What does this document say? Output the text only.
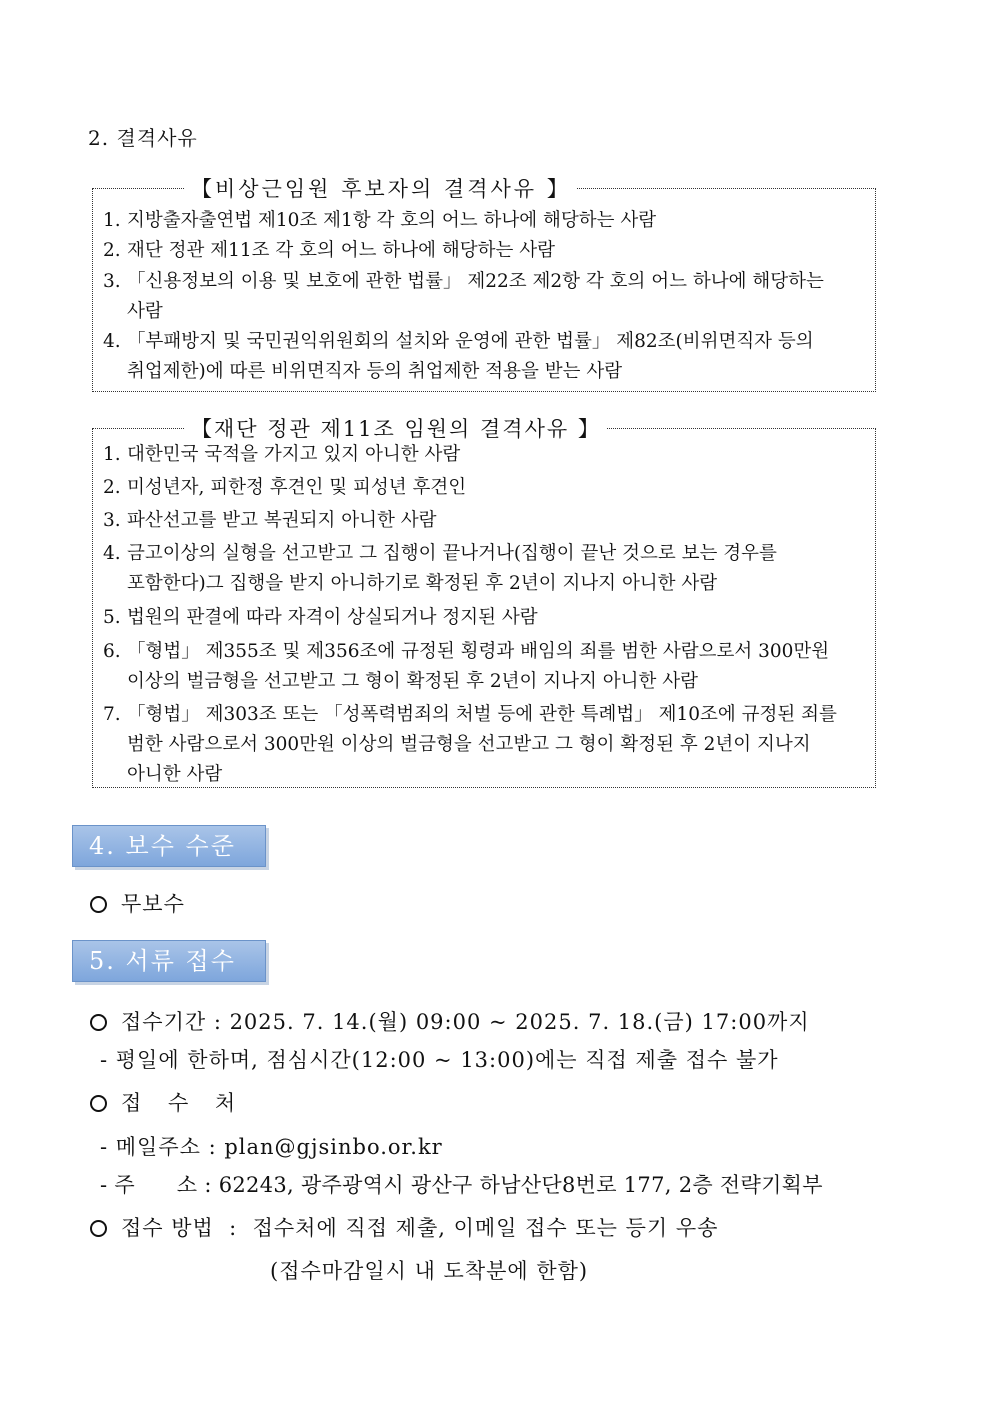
2. 결격사유
【비상근임원 후보자의 결격사유 】
1. 지방출자출연법 제10조 제1항 각 호의 어느 하나에 해당하는 사람
2. 재단 정관 제11조 각 호의 어느 하나에 해당하는 사람
3. 「신용정보의 이용 및 보호에 관한 법률」 제22조 제2항 각 호의 어느 하나에 해당하는
사람
4. 「부패방지 및 국민권익위원회의 설치와 운영에 관한 법률」 제82조(비위면직자 등의
취업제한)에 따른 비위면직자 등의 취업제한 적용을 받는 사람
【재단 정관 제11조 임원의 결격사유 】
1. 대한민국 국적을 가지고 있지 아니한 사람
2. 미성년자, 피한정 후견인 및 피성년 후견인
3. 파산선고를 받고 복권되지 아니한 사람
4. 금고이상의 실형을 선고받고 그 집행이 끝나거나(집행이 끝난 것으로 보는 경우를
포함한다)그 집행을 받지 아니하기로 확정된 후 2년이 지나지 아니한 사람
5. 법원의 판결에 따라 자격이 상실되거나 정지된 사람
6. 「형법」 제355조 및 제356조에 규정된 횡령과 배임의 죄를 범한 사람으로서 300만원
이상의 벌금형을 선고받고 그 형이 확정된 후 2년이 지나지 아니한 사람
7. 「형법」 제303조 또는 「성폭력범죄의 처벌 등에 관한 특례법」 제10조에 규정된 죄를
범한 사람으로서 300만원 이상의 벌금형을 선고받고 그 형이 확정된 후 2년이 지나지
아니한 사람
4. 보수 수준
무보수
5. 서류 접수
접수기간 : 2025. 7. 14.(월) 09:00 ~ 2025. 7. 18.(금) 17:00까지
- 평일에 한하며, 점심시간(12:00 ~ 13:00)에는 직접 제출 접수 불가
접 수 처
- 메일주소 : plan@gjsinbo.or.kr
- 주      소 : 62243, 광주광역시 광산구 하남산단8번로 177, 2층 전략기획부
접수 방법  :  접수처에 직접 제출, 이메일 접수 또는 등기 우송
(접수마감일시 내 도착분에 한함)
